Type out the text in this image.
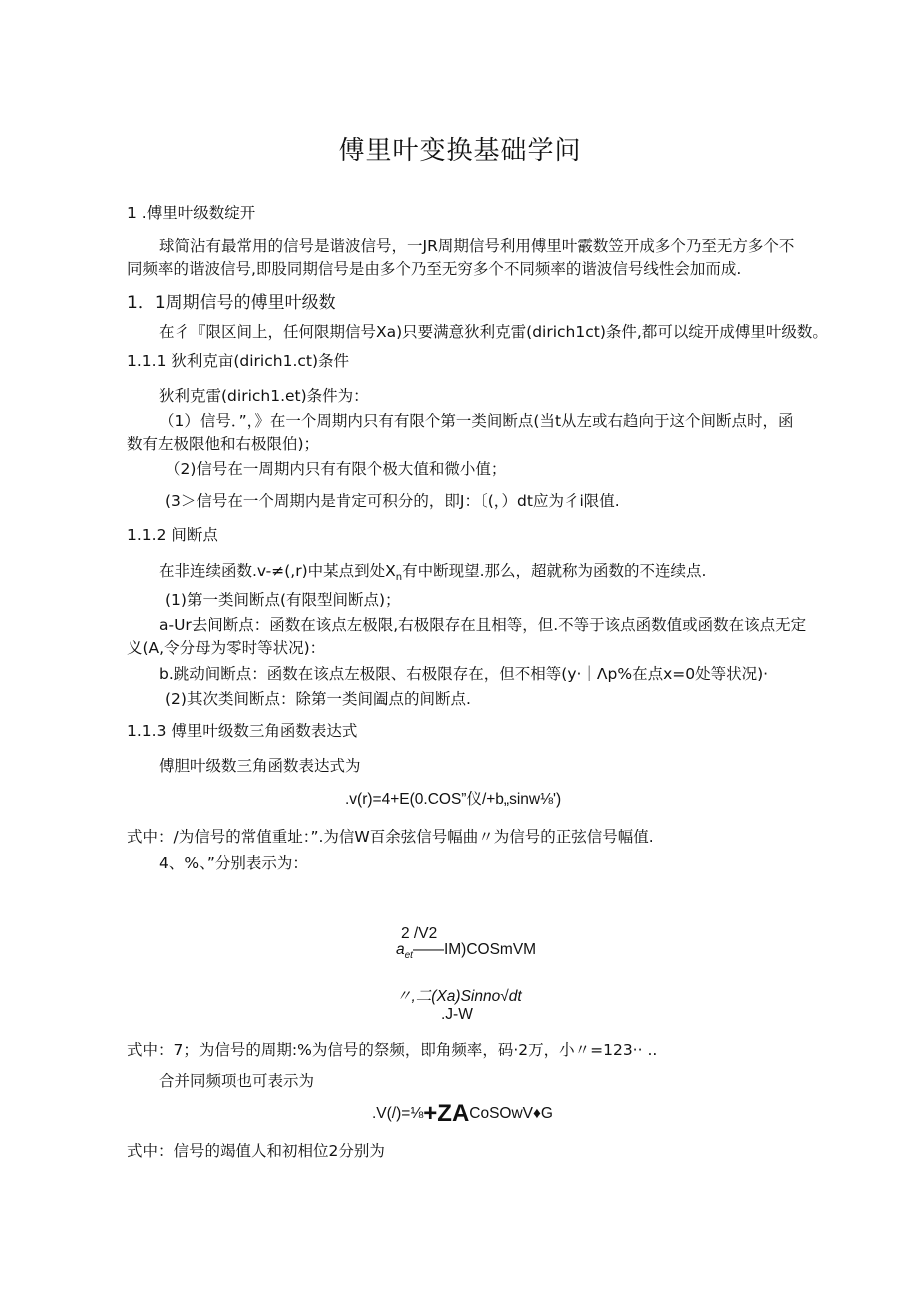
傅里叶变换基础学问
1 .傅里叶级数绽开
球简沾有最常用的信号是谐波信号，一JR周期信号利用傅里叶霰数笠开成多个乃至无方多个不
同频率的谐波信号,即股同期信号是由多个乃至无穷多个不同频率的谐波信号线性会加而成.
1．1周期信号的傅里叶级数
在彳『限区间上，任何限期信号Xa)只要满意狄利克雷(dirich1ct)条件,都可以绽开成傅里叶级数。
1.1.1 狄利克亩(dirich1.ct)条件
狄利克雷(dirich1.et)条件为：
（1）信号．”，》在一个周期内只有有限个第一类间断点(当t从左或右趋向于这个间断点时，函
数有左极限他和右极限伯)；
（2)信号在一周期内只有有限个极大值和微小值；
(3＞信号在一个周期内是肯定可积分的，即J：〔(，）dt应为彳i限值.
1.1.2 间断点
在非连续函数.v-≠(,r)中某点到处$X_n$有中断现望.那么，超就称为函数的不连续点.
(1)第一类间断点(有限型间断点)；
a-Ur去间断点：函数在该点左极限,右极限存在且相等，但.不等于该点函数值或函数在该点无定
义(A,令分母为零时等状况)：
b.跳动间断点：函数在该点左极限、右极限存在，但不相等(y·｜Λp%在点x=0处等状况)·
(2)其次类间断点：除第一类间阖点的间断点.
1.1.3 傅里叶级数三角函数表达式
傅胆叶级数三角函数表达式为
.v(r)=4+E(0.COS”仪/+b„sinw⅛')
式中：/为信号的常值重址：”.为信W百余弦信号幅曲〃为信号的正弦信号幅值.
4、%、”分别表示为：
2 /V2
$a_{et}——IM)COSmVM$
〃,二(Xa)Sinno√dt
.J-W
式中：7；为信号的周期:%为信号的祭频，即角频率，码·2万，小〃=123·· ..
合并同频项也可表示为
.V(/)=⅛+ZACoSOwV♦G
式中：信号的竭值人和初相位2分别为
